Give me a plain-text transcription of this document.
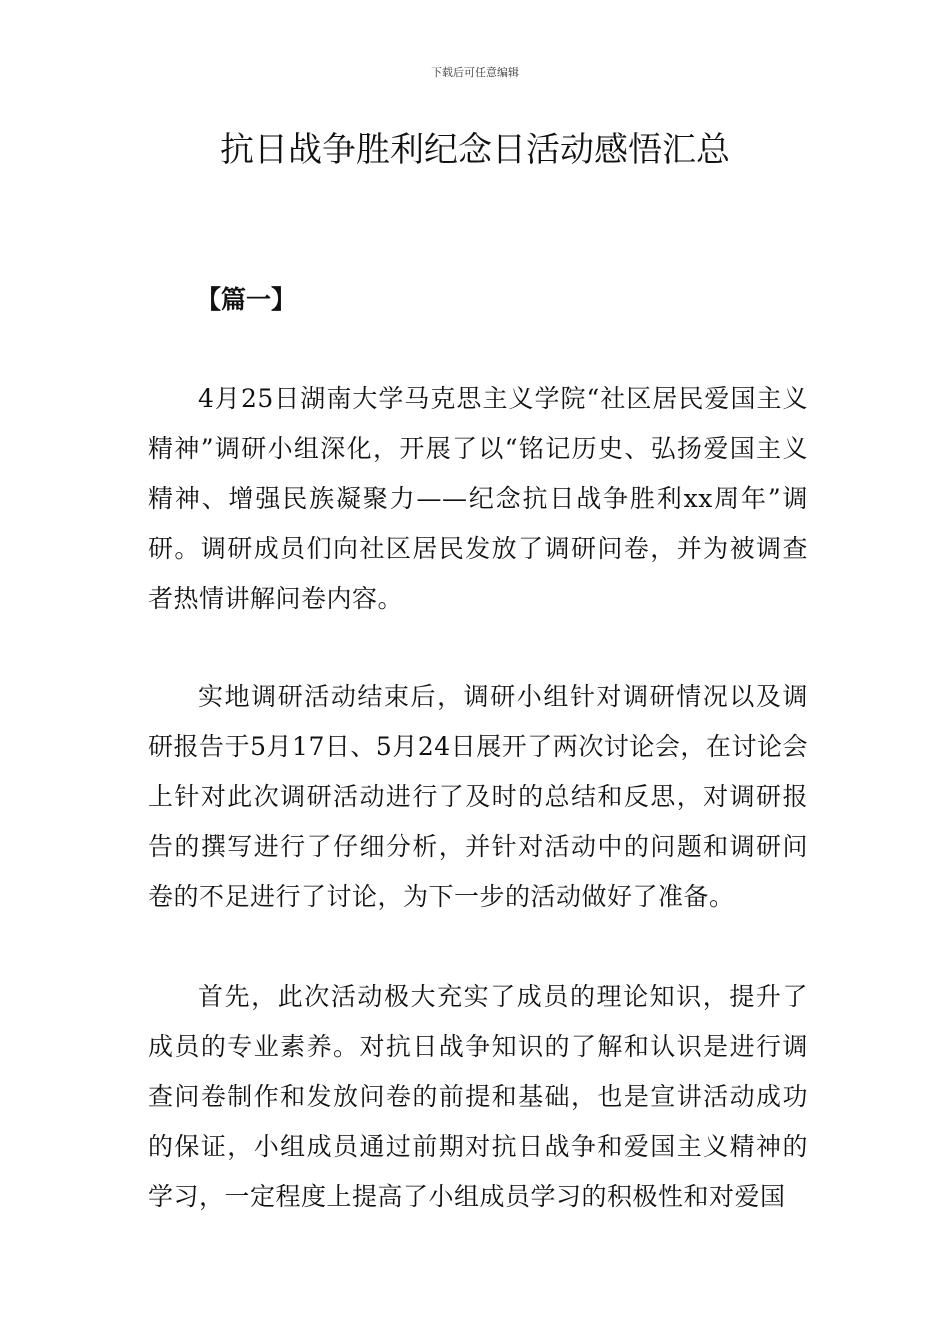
下载后可任意编辑
抗日战争胜利纪念日活动感悟汇总
【篇一】

4月25日湖南大学马克思主义学院“社区居民爱国主义精神”调研小组深化，开展了以“铭记历史、弘扬爱国主义精神、增强民族凝聚力——纪念抗日战争胜利xx周年”调研。调研成员们向社区居民发放了调研问卷，并为被调查者热情讲解问卷内容。

实地调研活动结束后，调研小组针对调研情况以及调研报告于5月17日、5月24日展开了两次讨论会，在讨论会上针对此次调研活动进行了及时的总结和反思，对调研报告的撰写进行了仔细分析，并针对活动中的问题和调研问卷的不足进行了讨论，为下一步的活动做好了准备。

首先，此次活动极大充实了成员的理论知识，提升了成员的专业素养。对抗日战争知识的了解和认识是进行调查问卷制作和发放问卷的前提和基础，也是宣讲活动成功的保证，小组成员通过前期对抗日战争和爱国主义精神的学习，一定程度上提高了小组成员学习的积极性和对爱国
